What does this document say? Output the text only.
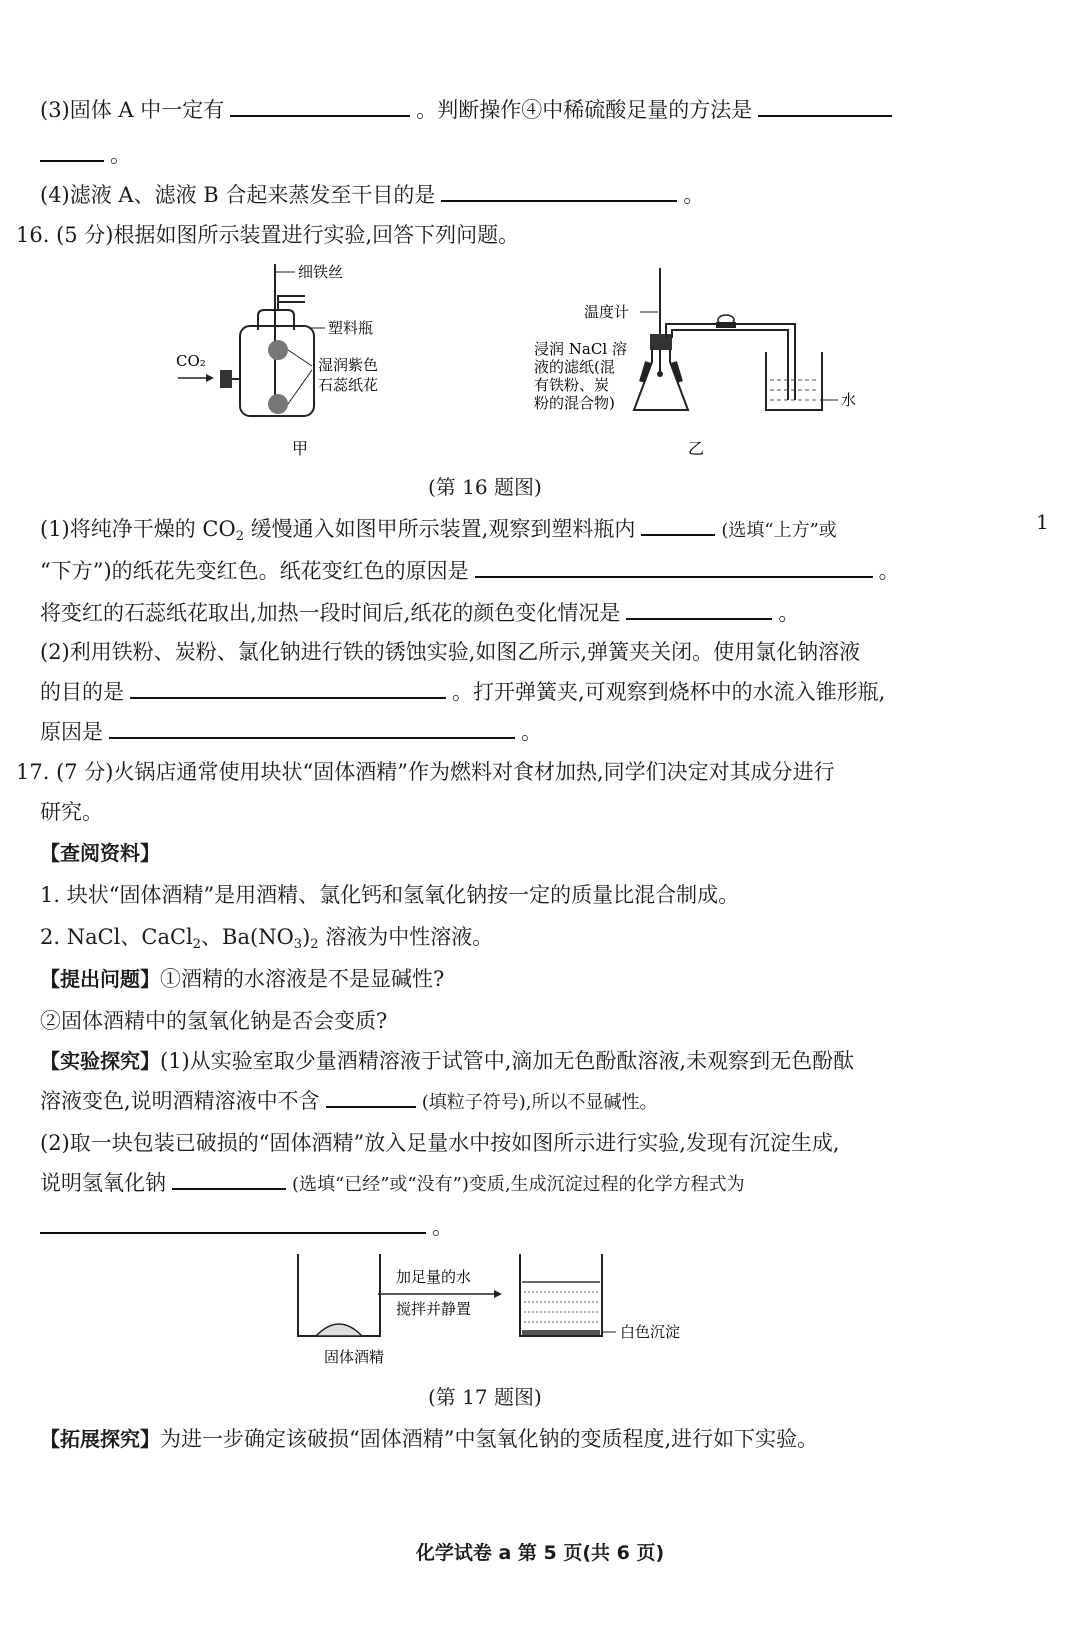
(3)固体 A 中一定有	。判断操作④中稀硫酸足量的方法是
。
(4)滤液 A、滤液 B 合起来蒸发至干目的是	。
16. (5 分)根据如图所示装置进行实验,回答下列问题。
细铁丝
塑料瓶
湿润紫色
石蕊纸花
CO₂
甲
温度计
水
浸润 NaCl 溶
液的滤纸(混
有铁粉、炭
粉的混合物)
乙
(第 16 题图)
(1)将纯净干燥的 $CO_2$ 缓慢通入如图甲所示装置,观察到塑料瓶内	(选填“上方”或
“下方”)的纸花先变红色。纸花变红色的原因是	。
将变红的石蕊纸花取出,加热一段时间后,纸花的颜色变化情况是	。
(2)利用铁粉、炭粉、氯化钠进行铁的锈蚀实验,如图乙所示,弹簧夹关闭。使用氯化钠溶液
的目的是	。打开弹簧夹,可观察到烧杯中的水流入锥形瓶,
原因是	。
17. (7 分)火锅店通常使用块状“固体酒精”作为燃料对食材加热,同学们决定对其成分进行
研究。
【查阅资料】
1. 块状“固体酒精”是用酒精、氯化钙和氢氧化钠按一定的质量比混合制成。
2. NaCl、CaCl$_2$、$Ba(NO_3)_2$ 溶液为中性溶液。
【提出问题】①酒精的水溶液是不是显碱性?
②固体酒精中的氢氧化钠是否会变质?
【实验探究】(1)从实验室取少量酒精溶液于试管中,滴加无色酚酞溶液,未观察到无色酚酞
溶液变色,说明酒精溶液中不含	(填粒子符号),所以不显碱性。
(2)取一块包装已破损的“固体酒精”放入足量水中按如图所示进行实验,发现有沉淀生成,
说明氢氧化钠	(选填“已经”或“没有”)变质,生成沉淀过程的化学方程式为
。
固体酒精
加足量的水
搅拌并静置
白色沉淀
(第 17 题图)
【拓展探究】为进一步确定该破损“固体酒精”中氢氧化钠的变质程度,进行如下实验。
化学试卷 a 第 5 页(共 6 页)
1
